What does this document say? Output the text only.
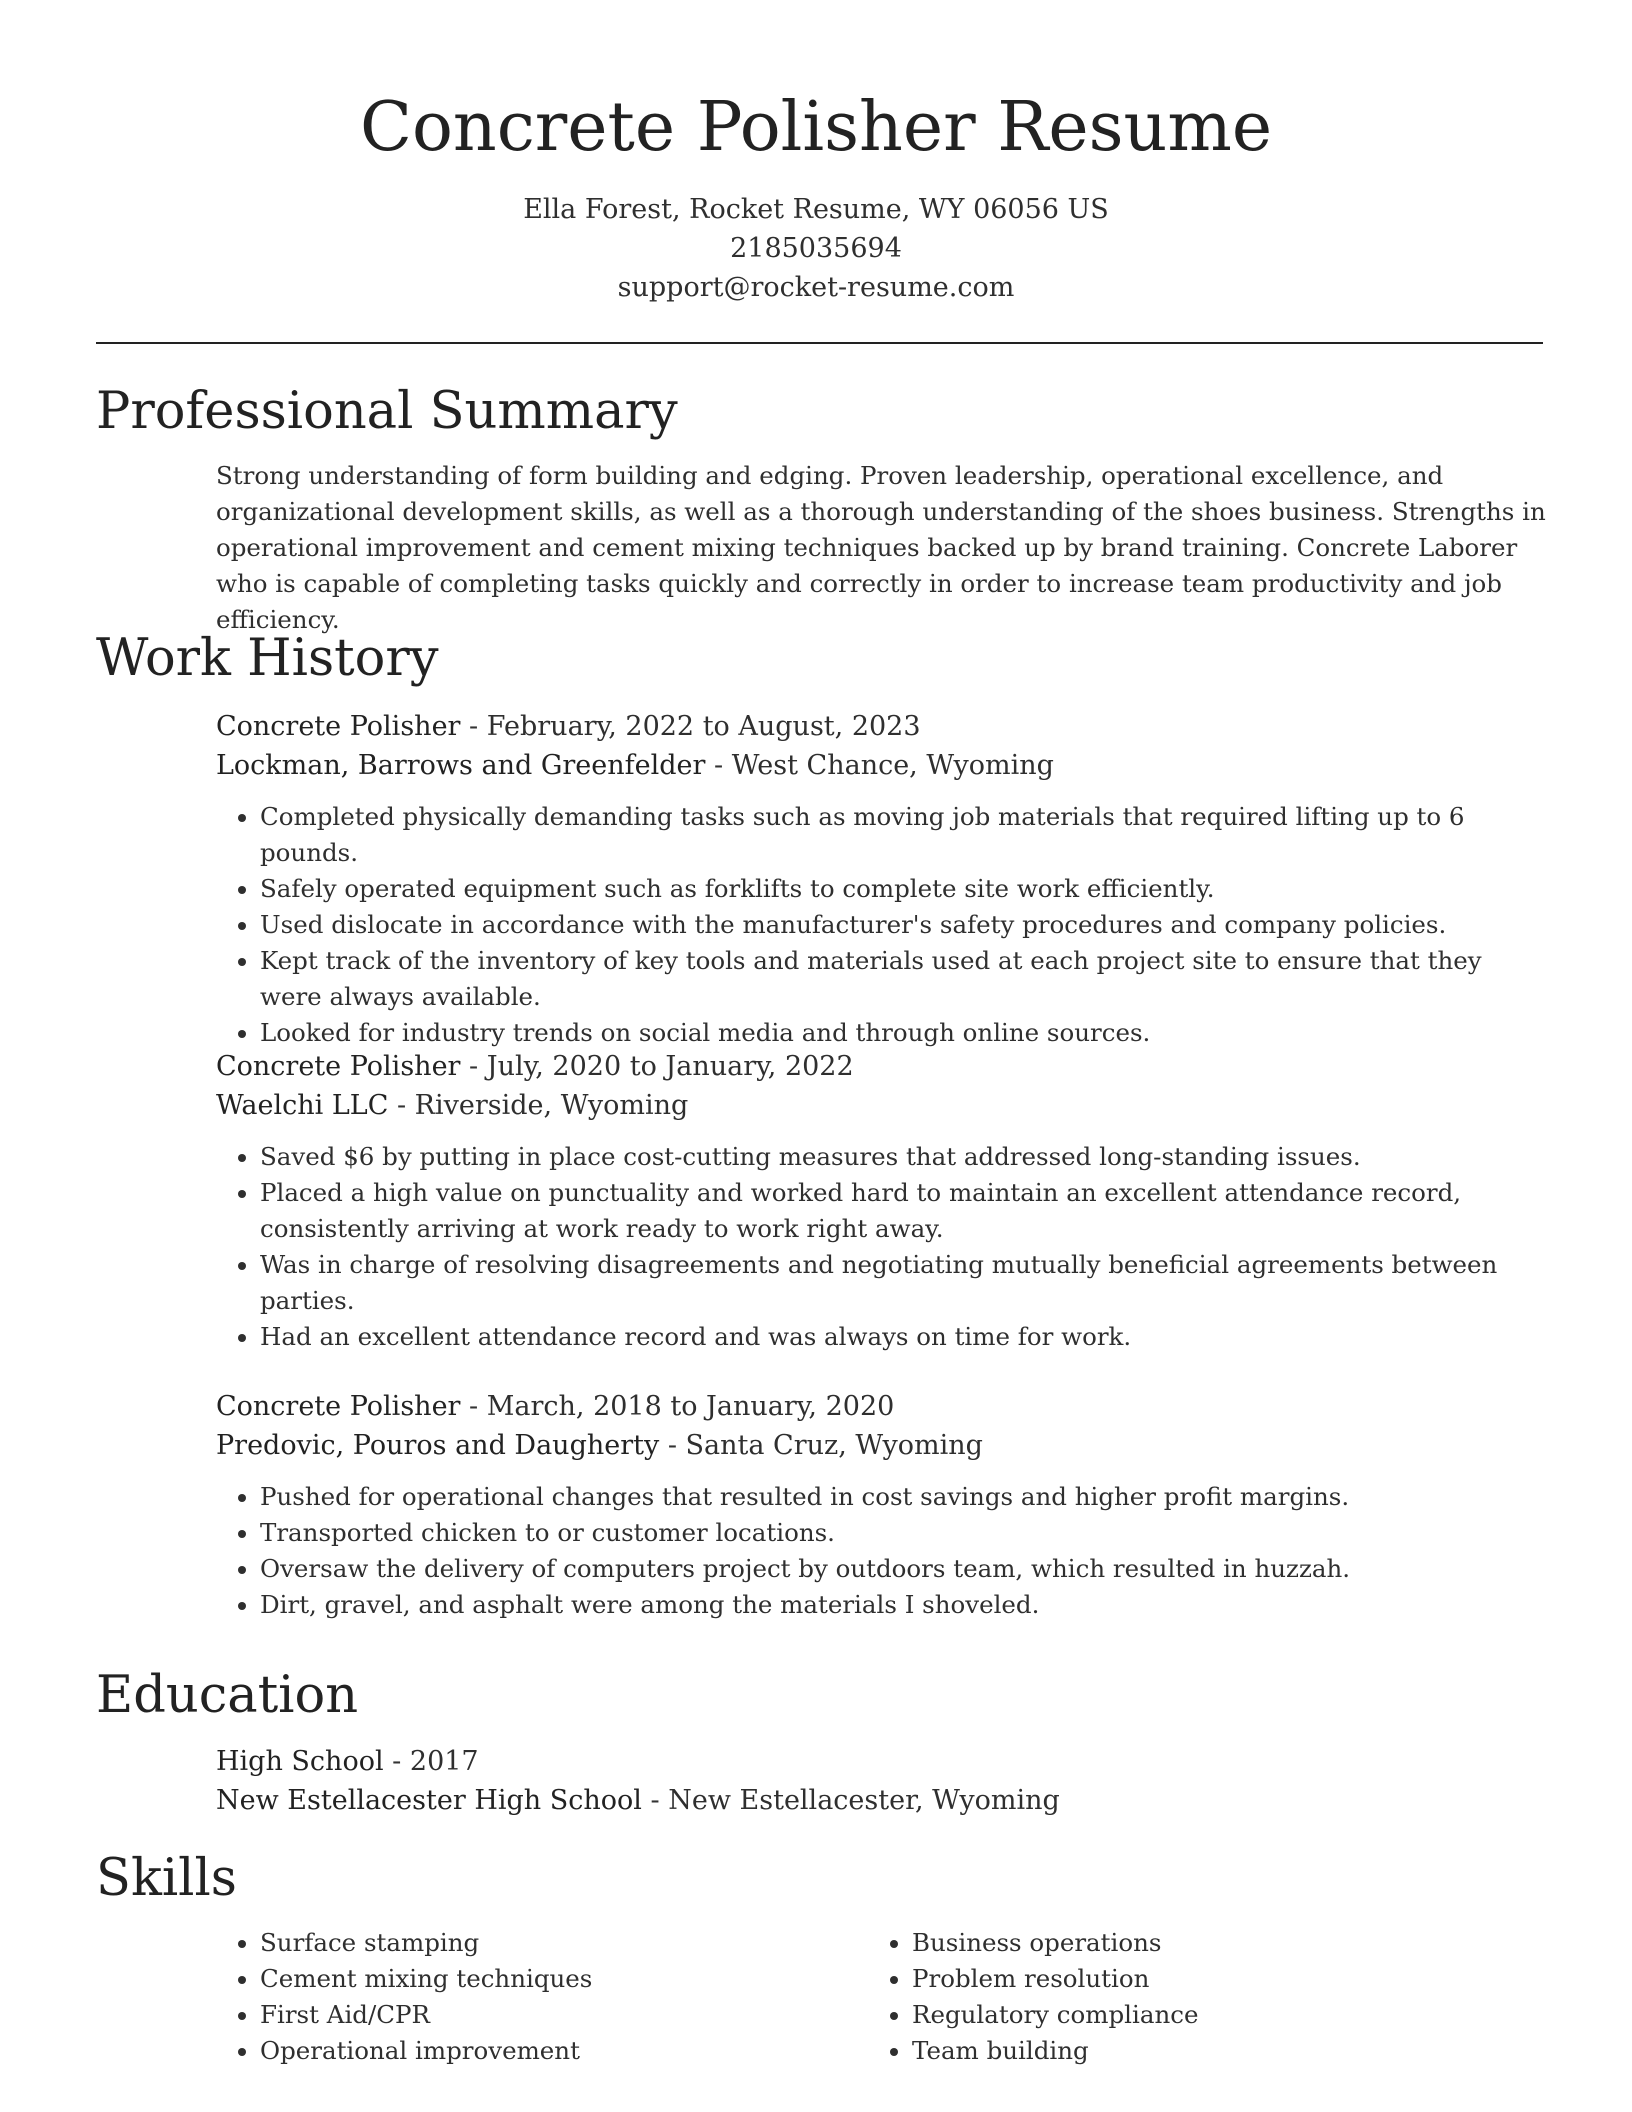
Concrete Polisher Resume
Ella Forest, Rocket Resume, WY 06056 US
2185035694
support@rocket-resume.com
Professional Summary

Strong understanding of form building and edging. Proven leadership, operational excellence, and organizational development skills, as well as a thorough understanding of the shoes business. Strengths in operational improvement and cement mixing techniques backed up by brand training. Concrete Laborer who is capable of completing tasks quickly and correctly in order to increase team productivity and job efficiency.

Work History

Concrete Polisher - February, 2022 to August, 2023

Lockman, Barrows and Greenfelder - West Chance, Wyoming

• Completed physically demanding tasks such as moving job materials that required lifting up to 6 pounds.
• Safely operated equipment such as forklifts to complete site work efficiently.
• Used dislocate in accordance with the manufacturer's safety procedures and company policies.
• Kept track of the inventory of key tools and materials used at each project site to ensure that they were always available.
• Looked for industry trends on social media and through online sources.

Concrete Polisher - July, 2020 to January, 2022

Waelchi LLC - Riverside, Wyoming

• Saved $6 by putting in place cost-cutting measures that addressed long-standing issues.
• Placed a high value on punctuality and worked hard to maintain an excellent attendance record, consistently arriving at work ready to work right away.
• Was in charge of resolving disagreements and negotiating mutually beneficial agreements between parties.
• Had an excellent attendance record and was always on time for work.

Concrete Polisher - March, 2018 to January, 2020

Predovic, Pouros and Daugherty - Santa Cruz, Wyoming

• Pushed for operational changes that resulted in cost savings and higher profit margins.
• Transported chicken to or customer locations.
• Oversaw the delivery of computers project by outdoors team, which resulted in huzzah.
• Dirt, gravel, and asphalt were among the materials I shoveled.
Education

High School - 2017

New Estellacester High School - New Estellacester, Wyoming

Skills
• Surface stamping
• Cement mixing techniques
• First Aid/CPR
• Operational improvement
• Business operations
• Problem resolution
• Regulatory compliance
• Team building
